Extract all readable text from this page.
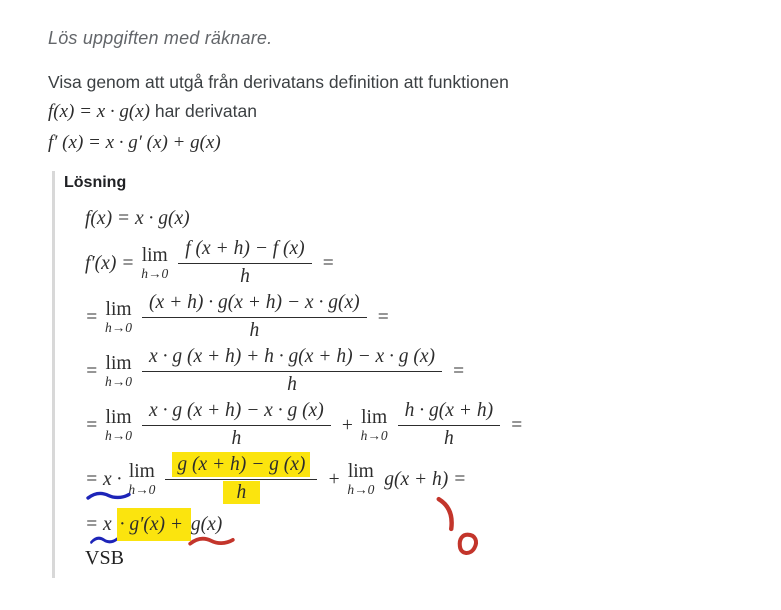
Lös uppgiften med räknare.
Visa genom att utgå från derivatans definition att funktionen
f(x) = x · g(x) har derivatan
f′ (x) = x · g′ (x) + g(x)
Lösning
f(x) = x · g(x)
f′(x) = lim
$h\to 0 \frac{f (x + h) - f (x)}{h}$ =
= lim
$h\to 0 \frac{(x + h) \cdot g(x + h) - x \cdot g(x)}{h}$ =
= lim
$h\to 0 \frac{x \cdot g (x + h) + h \cdot g(x + h) - x \cdot g (x)}{h}$ =
= lim
$h\to 0 \frac{x \cdot g (x + h) - x \cdot g (x)}{h} + \lim$
$h\to 0 \frac{h \cdot g(x + h)}{h}$ =
= x · lim
$h\to 0 \frac{g (x + h) - g (x)}{h} + \lim$
h→0 g(x + h) =
= x · g′(x) + g(x)
VSB
